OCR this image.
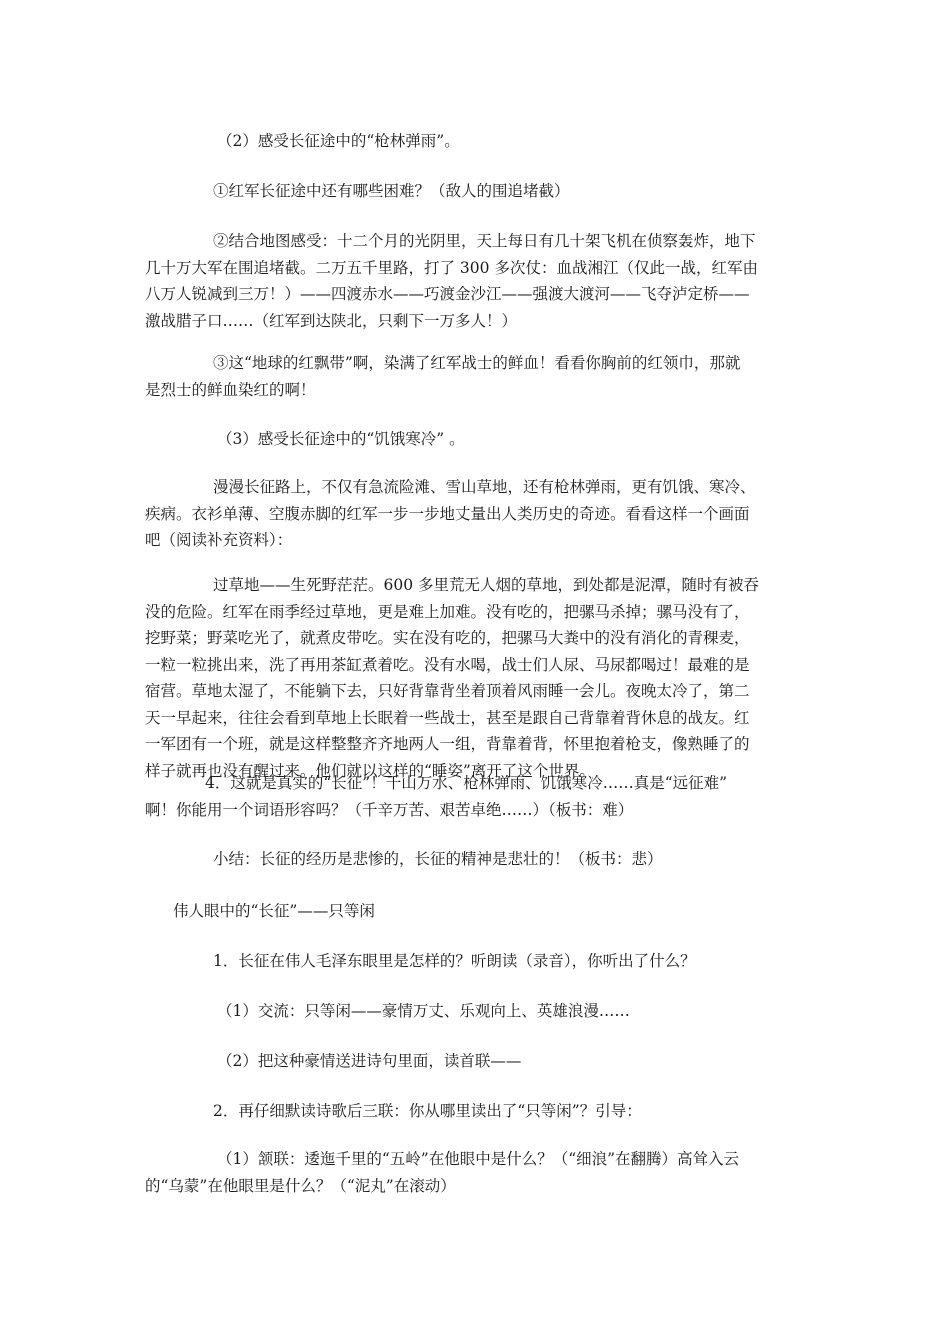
（2）感受长征途中的“枪林弹雨”。
①红军长征途中还有哪些困难？（敌人的围追堵截）
②结合地图感受：十二个月的光阴里，天上每日有几十架飞机在侦察轰炸，地下
几十万大军在围追堵截。二万五千里路，打了 300 多次仗：血战湘江（仅此一战，红军由
八万人锐减到三万！）——四渡赤水——巧渡金沙江——强渡大渡河——飞夺泸定桥——
激战腊子口……（红军到达陕北，只剩下一万多人！）
③这“地球的红飘带”啊，染满了红军战士的鲜血！看看你胸前的红领巾，那就
是烈士的鲜血染红的啊！
（3）感受长征途中的“饥饿寒冷” 。
漫漫长征路上，不仅有急流险滩、雪山草地，还有枪林弹雨，更有饥饿、寒冷、
疾病。衣衫单薄、空腹赤脚的红军一步一步地丈量出人类历史的奇迹。看看这样一个画面
吧（阅读补充资料）：
过草地——生死野茫茫。600 多里荒无人烟的草地，到处都是泥潭，随时有被吞
没的危险。红军在雨季经过草地，更是难上加难。没有吃的，把骡马杀掉；骡马没有了，
挖野菜；野菜吃光了，就煮皮带吃。实在没有吃的，把骡马大粪中的没有消化的青稞麦，
一粒一粒挑出来，洗了再用茶缸煮着吃。没有水喝，战士们人尿、马尿都喝过！最难的是
宿营。草地太湿了，不能躺下去，只好背靠背坐着顶着风雨睡一会儿。夜晚太冷了，第二
天一早起来，往往会看到草地上长眠着一些战士，甚至是跟自己背靠着背休息的战友。红
一军团有一个班，就是这样整整齐齐地两人一组，背靠着背，怀里抱着枪支，像熟睡了的
样子就再也没有醒过来。他们就以这样的“睡姿”离开了这个世界。
4．这就是真实的“长征”！千山万水、枪林弹雨、饥饿寒冷……真是“远征难”
啊！你能用一个词语形容吗？（千辛万苦、艰苦卓绝……）（板书：难）
小结：长征的经历是悲惨的，长征的精神是悲壮的！（板书：悲）
伟人眼中的“长征”——只等闲
1．长征在伟人毛泽东眼里是怎样的？听朗读（录音），你听出了什么？
（1）交流：只等闲——豪情万丈、乐观向上、英雄浪漫……
（2）把这种豪情送进诗句里面，读首联——
2．再仔细默读诗歌后三联：你从哪里读出了“只等闲”？引导：
（1）颔联：逶迤千里的“五岭”在他眼中是什么？（“细浪”在翻腾）高耸入云
的“乌蒙”在他眼里是什么？（“泥丸”在滚动）
